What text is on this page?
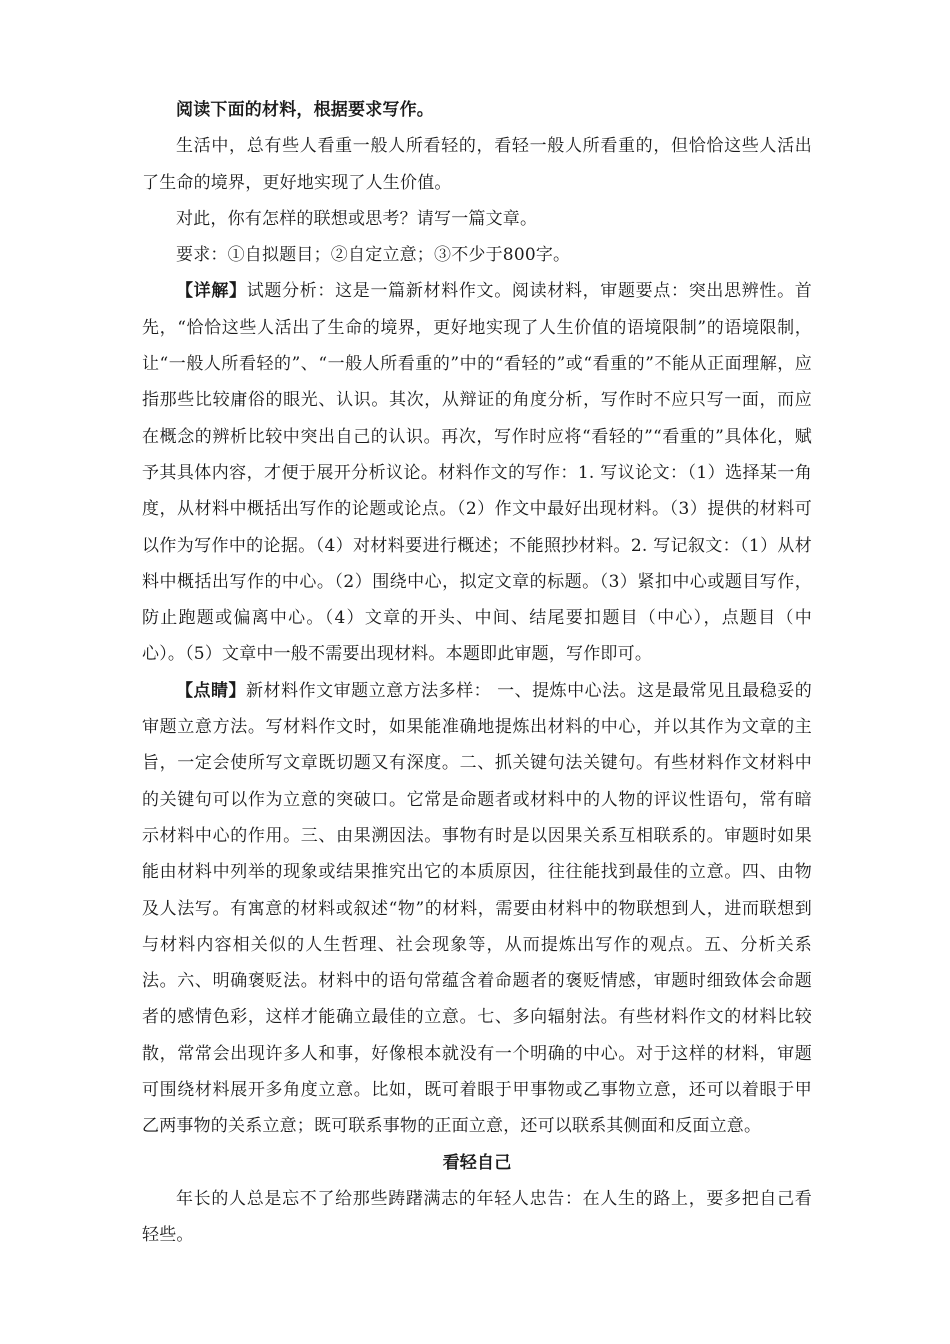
阅读下面的材料，根据要求写作。

生活中，总有些人看重一般人所看轻的，看轻一般人所看重的，但恰恰这些人活出了生命的境界，更好地实现了人生价值。

对此，你有怎样的联想或思考？请写一篇文章。

要求：①自拟题目；②自定立意；③不少于800字。

【详解】试题分析：这是一篇新材料作文。阅读材料，审题要点：突出思辨性。首先，“恰恰这些人活出了生命的境界，更好地实现了人生价值的语境限制”的语境限制，让“一般人所看轻的”、“一般人所看重的”中的“看轻的”或“看重的”不能从正面理解，应指那些比较庸俗的眼光、认识。其次，从辩证的角度分析，写作时不应只写一面，而应在概念的辨析比较中突出自己的认识。再次，写作时应将“看轻的”“看重的”具体化，赋予其具体内容，才便于展开分析议论。材料作文的写作：1. 写议论文：（1）选择某一角度，从材料中概括出写作的论题或论点。（2）作文中最好出现材料。（3）提供的材料可以作为写作中的论据。（4）对材料要进行概述；不能照抄材料。2. 写记叙文：（1）从材料中概括出写作的中心。（2）围绕中心，拟定文章的标题。（3）紧扣中心或题目写作，防止跑题或偏离中心。（4）文章的开头、中间、结尾要扣题目（中心），点题目（中心）。（5）文章中一般不需要出现材料。本题即此审题，写作即可。

【点睛】新材料作文审题立意方法多样： 一、提炼中心法。这是最常见且最稳妥的审题立意方法。写材料作文时，如果能准确地提炼出材料的中心，并以其作为文章的主旨，一定会使所写文章既切题又有深度。二、抓关键句法关键句。有些材料作文材料中的关键句可以作为立意的突破口。它常是命题者或材料中的人物的评议性语句，常有暗示材料中心的作用。三、由果溯因法。事物有时是以因果关系互相联系的。审题时如果能由材料中列举的现象或结果推究出它的本质原因，往往能找到最佳的立意。四、由物及人法写。有寓意的材料或叙述“物”的材料，需要由材料中的物联想到人，进而联想到与材料内容相关似的人生哲理、社会现象等，从而提炼出写作的观点。五、分析关系法。六、明确褒贬法。材料中的语句常蕴含着命题者的褒贬情感，审题时细致体会命题者的感情色彩，这样才能确立最佳的立意。七、多向辐射法。有些材料作文的材料比较散，常常会出现许多人和事，好像根本就没有一个明确的中心。对于这样的材料，审题可围绕材料展开多角度立意。比如，既可着眼于甲事物或乙事物立意，还可以着眼于甲乙两事物的关系立意；既可联系事物的正面立意，还可以联系其侧面和反面立意。

看轻自己

年长的人总是忘不了给那些踌躇满志的年轻人忠告：在人生的路上，要多把自己看轻些。
